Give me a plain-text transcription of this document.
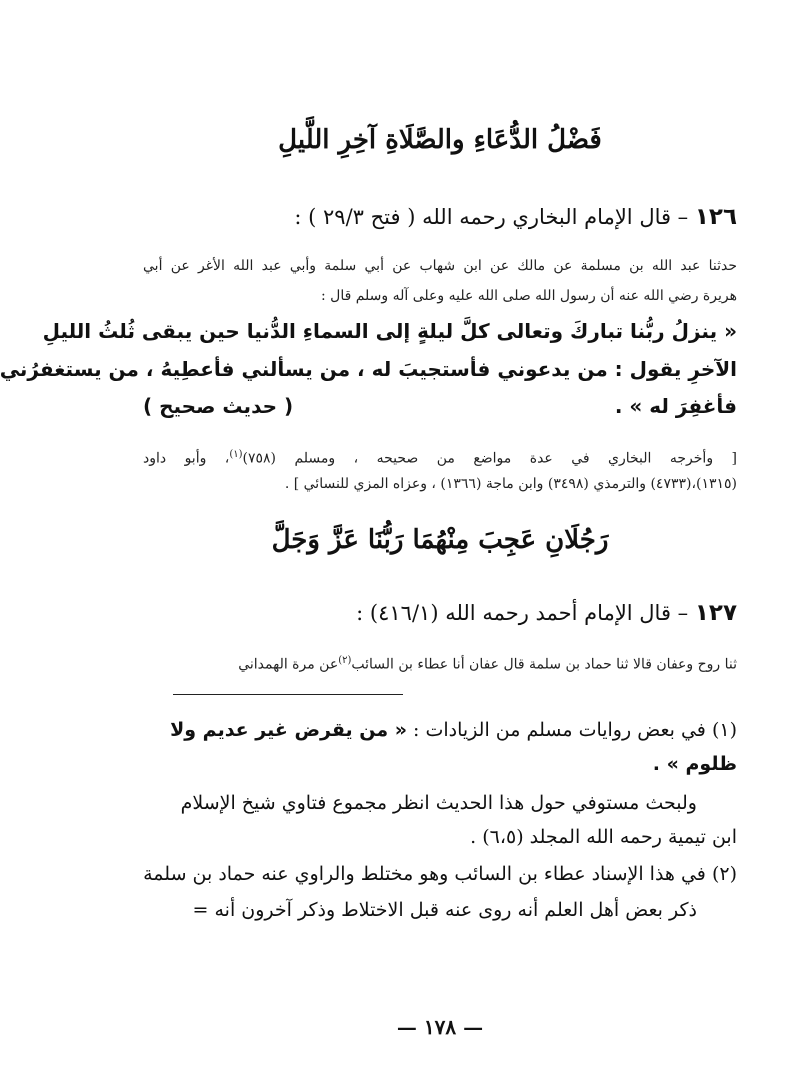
فَضْلُ الدُّعَاءِ والصَّلَاةِ آخِرِ اللَّيلِ
١٢٦ – قال الإمام البخاري رحمه الله ( فتح ٢٩/٣ ) :
حدثنا عبد الله بن مسلمة عن مالك عن ابن شهاب عن أبي سلمة وأبي عبد الله الأغر عن أبي
هريرة رضي الله عنه أن رسول الله صلى الله عليه وعلى آله وسلم قال :
« ينزلُ ربُّنا تباركَ وتعالى كلَّ ليلةٍ إلى السماءِ الدُّنيا حين يبقى ثُلثُ الليلِ
الآخرِ يقول : من يدعوني فأستجيبَ له ، من يسألني فأعطِيهُ ، من يستغفرُني
فأغفِرَ له » .
( حديث صحيح )
[ وأخرجه البخاري في عدة مواضع من صحيحه ، ومسلم (٧٥٨)$^{(١)}$، وأبو داود
(١٣١٥)،(٤٧٣٣) والترمذي (٣٤٩٨) وابن ماجة (١٣٦٦) ، وعزاه المزي للنسائي ] .
رَجُلَانِ عَجِبَ مِنْهُمَا رَبُّنَا عَزَّ وَجَلَّ
١٢٧ – قال الإمام أحمد رحمه الله (٤١٦/١) :
ثنا روح وعفان قالا ثنا حماد بن سلمة قال عفان أنا عطاء بن السائب$^{(٢)}$عن مرة الهمداني
(١) في بعض روايات مسلم من الزيادات : « من يقرض غير عديم ولا
ظلوم » .
ولبحث مستوفي حول هذا الحديث انظر مجموع فتاوي شيخ الإسلام
ابن تيمية رحمه الله المجلد (٦،٥) .
(٢) في هذا الإسناد عطاء بن السائب وهو مختلط والراوي عنه حماد بن سلمة
ذكر بعض أهل العلم أنه روى عنه قبل الاختلاط وذكر آخرون أنه =
— ١٧٨ —
